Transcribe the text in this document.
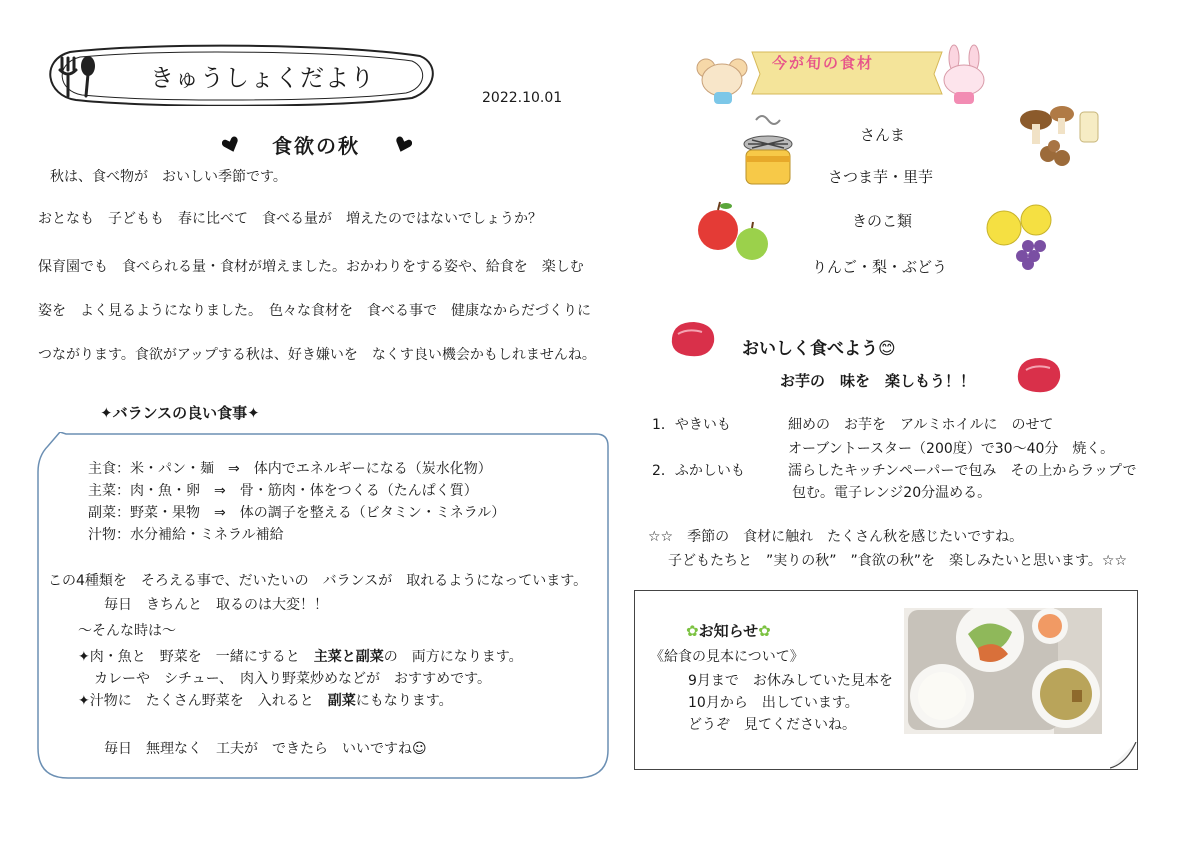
きゅうしょくだより
2022.10.01
食欲の秋
秋は、食べ物が　おいしい季節です。
おとなも　子どもも　春に比べて　食べる量が　増えたのではないでしょうか？
保育園でも　食べられる量・食材が増えました。おかわりをする姿や、給食を　楽しむ
姿を　よく見るようになりました。　色々な食材を　食べる事で　健康なからだづくりに
つながります。食欲がアップする秋は、好き嫌いを　なくす良い機会かもしれませんね。
✦バランスの良い食事✦
主食：米・パン・麺　⇒　体内でエネルギーになる（炭水化物）
主菜：肉・魚・卵　⇒　骨・筋肉・体をつくる（たんぱく質）
副菜：野菜・果物　⇒　体の調子を整える（ビタミン・ミネラル）
汁物：水分補給・ミネラル補給
この4種類を　そろえる事で、だいたいの　バランスが　取れるようになっています。
毎日　きちんと　取るのは大変！！
～そんな時は～
✦肉・魚と　野菜を　一緒にすると　主菜と副菜の　両方になります。
カレーや　シチュー、　肉入り野菜炒めなどが　おすすめです。
✦汁物に　たくさん野菜を　入れると　副菜にもなります。
毎日　無理なく　工夫が　できたら　いいですね☺
今が旬の食材
さんま
さつま芋・里芋
きのこ類
りんご・梨・ぶどう
おいしく食べよう😊
お芋の　味を　楽しもう！！
1．やきいも	細めの　お芋を　アルミホイルに　のせて
オーブントースター（200度）で30～40分　焼く。
2．ふかしいも	濡らしたキッチンペーパーで包み　その上からラップで
包む。電子レンジ20分温める。
☆☆　季節の　食材に触れ　たくさん秋を感じたいですね。
子どもたちと　”実りの秋”　”食欲の秋”を　楽しみたいと思います。☆☆
✿お知らせ✿
《給食の見本について》
9月まで　お休みしていた見本を
10月から　出しています。
どうぞ　見てくださいね。
